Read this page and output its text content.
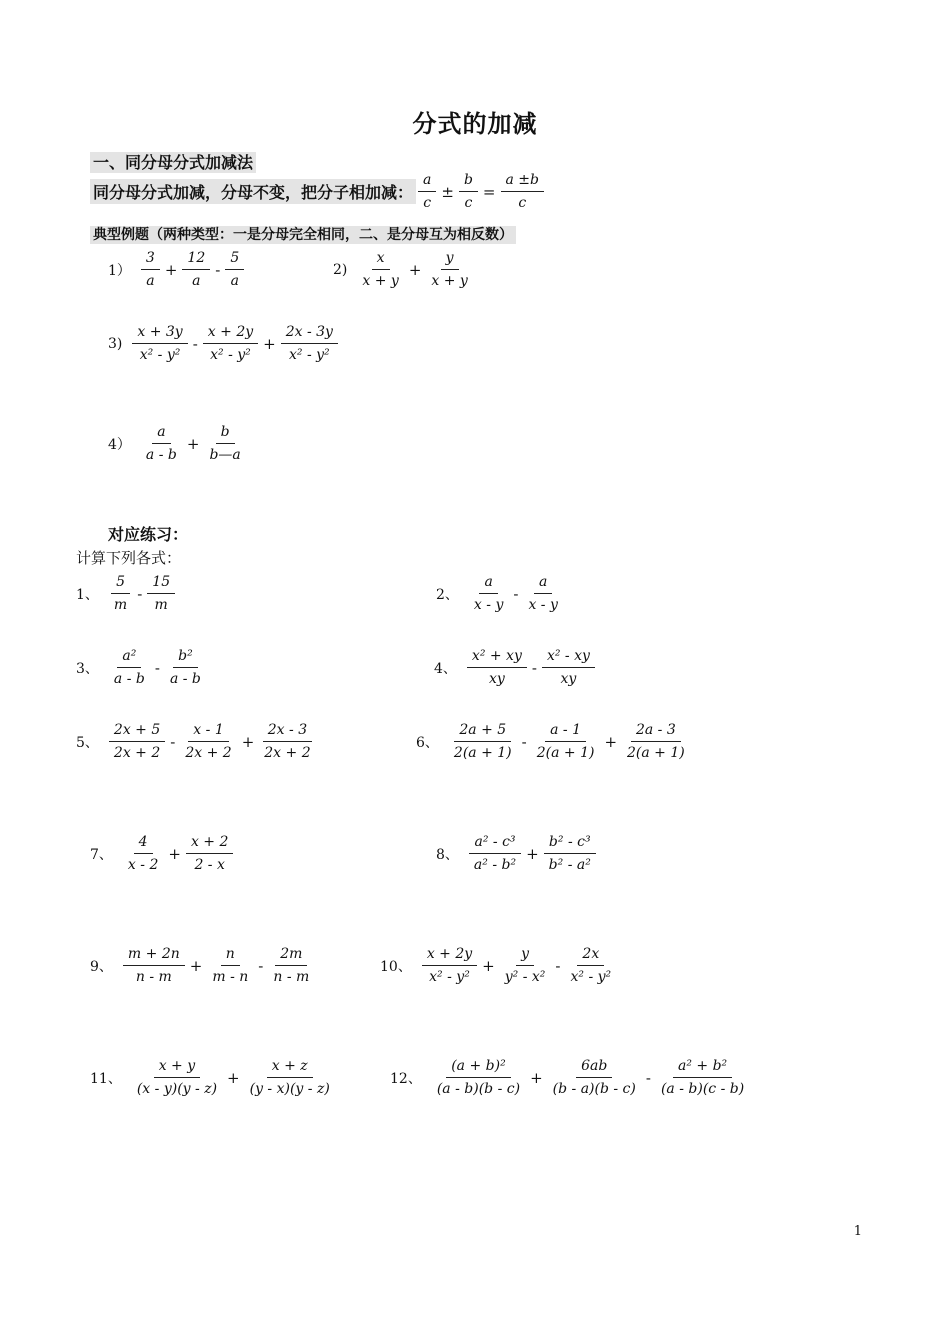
分式的加减
一、同分母分式加减法
同分母分式加减，分母不变，把分子相加减： $\frac{a}{c} \pm \frac{b}{c} = \frac{a \pm b}{c}$
典型例题（两种类型：一是分母完全相同，二、是分母互为相反数）
$1) \frac{3}{a} + \frac{12}{a} - \frac{5}{a}$	$2) \frac{x}{x + y} + \frac{y}{x + y}$
$3) \frac{x + 3y}{\text{x² - y²}} - \frac{x + 2y}{\text{x² - y²}} + \frac{2x - 3y}{\text{x² - y²}}$
$4) \frac{a}{a - b} + \frac{b}{b—a}$
对应练习：
计算下列各式：
1、 $\frac{5}{m} - \frac{15}{m}$	2、 $\frac{a}{x - y} - \frac{a}{x - y}$
3、 $\frac{\text{a²}}{a - b} - \frac{\text{b²}}{a - b}$	4、 $\frac{\text{x² + xy}}{xy} - \frac{\text{x² - xy}}{xy}$
5、 $\frac{2x + 5}{2x + 2} - \frac{x - 1}{2x + 2} + \frac{2x - 3}{2x + 2}$	6、 $\frac{2a + 5}{2(a + 1)} - \frac{a - 1}{2(a + 1)} + \frac{2a - 3}{2(a + 1)}$
7、 $\frac{4}{x - 2} + \frac{x + 2}{2 - x}$	8、 $\frac{\text{a² - c³}}{\text{a² - b²}} + \frac{\text{b² - c³}}{\text{b² - a²}}$
9、 $\frac{m + 2n}{n - m} + \frac{n}{m - n} - \frac{2m}{n - m}$	10、 $\frac{x + 2y}{\text{x² - y²}} + \frac{y}{\text{y² - x²}} - \frac{2x}{\text{x² - y²}}$
11、 $\frac{x + y}{(x - y)(y - z)} + \frac{x + z}{(y - x)(y - z)}$	12、 $\frac{\text{(a + b)²}}{(a - b)(b - c)} + \frac{6ab}{(b - a)(b - c)} - \frac{\text{a² + b²}}{(a - b)(c - b)}$
1
